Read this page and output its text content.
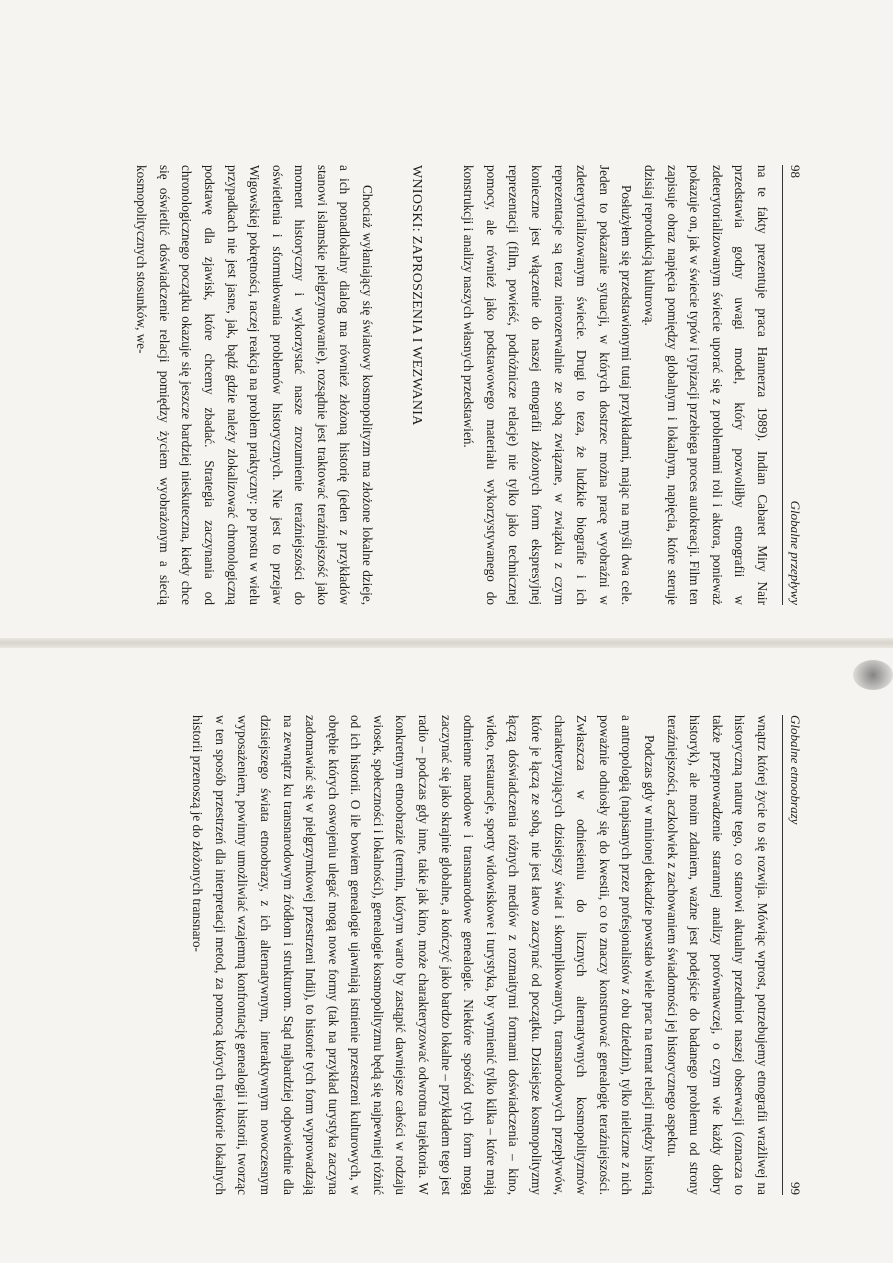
98
Globalne przepływy

na te fakty prezentuje praca Hannerza 1989). Indian Cabaret Miry Nair przedstawia godny uwagi model, który pozwoliłby etnografii w zdeterytorializowanym świecie uporać się z problemami roli i aktora, ponieważ pokazuje on, jak w świecie typów i typizacji przebiega proces autokreacji. Film ten zapisuje obraz napięcia pomiędzy globalnym i lokalnym, napięcia, które steruje dzisiaj reprodukcją kulturową.

Posłużyłem się przedstawionymi tutaj przykładami, mając na myśli dwa cele. Jeden to pokazanie sytuacji, w których dostrzec można pracę wyobraźni w zdeterytorializowanym świecie. Drugi to teza, że ludzkie biografie i ich reprezentacje są teraz nierozerwalnie ze sobą związane, w związku z czym konieczne jest włączenie do naszej etnografii złożonych form ekspresyjnej reprezentacji (film, powieść, podróżnicze relacje) nie tylko jako technicznej pomocy, ale również jako podstawowego materiału wykorzystywanego do konstrukcji i analizy naszych własnych przedstawień.

WNIOSKI: ZAPROSZENIA I WEZWANIA

Chociaż wyłaniający się światowy kosmopolityzm ma złożone lokalne dzieje, a ich ponadlokalny dialog ma również złożoną historię (jeden z przykładów stanowi islamskie pielgrzymowanie), rozsądnie jest traktować teraźniejszość jako moment historyczny i wykorzystać nasze zrozumienie teraźniejszości do oświetlenia i sformułowania problemów historycznych. Nie jest to przejaw Wigowskiej pokrętności, raczej reakcja na problem praktyczny: po prostu w wielu przypadkach nie jest jasne, jak, bądź gdzie należy zlokalizować chronologiczną podstawę dla zjawisk, które chcemy zbadać. Strategia zaczynania od chronologicznego początku okazuje się jeszcze bardziej nieskuteczna, kiedy chce się oświetlić doświadczenie relacji pomiędzy życiem wyobrażonym a siecią kosmopolitycznych stosunków, we-

Globalne etnoobrazy
99

wnątrz której życie to się rozwija. Mówiąc wprost, potrzebujemy etnografii wrażliwej na historyczną naturę tego, co stanowi aktualny przedmiot naszej obserwacji (oznacza to także przeprowadzenie starannej analizy porównawczej, o czym wie każdy dobry historyk), ale moim zdaniem, ważne jest podejście do badanego problemu od strony teraźniejszości, aczkolwiek z zachowaniem świadomości jej historycznego aspektu.

Podczas gdy w minionej dekadzie powstało wiele prac na temat relacji między historią a antropologią (napisanych przez profesjonalistów z obu dziedzin), tylko nieliczne z nich poważnie odniosły się do kwestii, co to znaczy konstruować genealogię teraźniejszości. Zwłaszcza w odniesieniu do licznych alternatywnych kosmopolityzmów charakteryzujących dzisiejszy świat i skomplikowanych, transnarodowych przepływów, które je łączą ze sobą, nie jest łatwo zaczynać od początku. Dzisiejsze kosmopolityzmy łączą doświadczenia różnych mediów z rozmaitymi formami doświadczenia – kino, wideo, restauracje, sporty widowiskowe i turystyka, by wymienić tylko kilka – które mają odmienne narodowe i transnarodowe genealogie. Niektóre spośród tych form mogą zaczynać się jako skrajnie globalne, a kończyć jako bardzo lokalne – przykładem tego jest radio – podczas gdy inne, takie jak kino, może charakteryzować odwrotna trajektoria. W konkretnym etnoobrazie (termin, którym warto by zastąpić dawniejsze całości w rodzaju wiosek, społeczności i lokalności), genealogie kosmopolityzmu będą się najpewniej różnić od ich historii. O ile bowiem genealogie ujawniają istnienie przestrzeni kulturowych, w obrębie których oswojeniu ulegać mogą nowe formy (tak na przykład turystyka zaczyna zadomawiać się w pielgrzymkowej przestrzeni Indii), to historie tych form wyprowadzają na zewnątrz ku transnarodowym źródłom i strukturom. Stąd najbardziej odpowiednie dla dzisiejszego świata etnoobrazy, z ich alternatywnym, interaktywnym nowoczesnym wyposażeniem, powinny umożliwiać wzajemną konfrontację genealogii i historii, tworząc w ten sposób przestrzeń dla interpretacji metod, za pomocą których trajektorie lokalnych historii przenoszą je do złożonych transnaro-
